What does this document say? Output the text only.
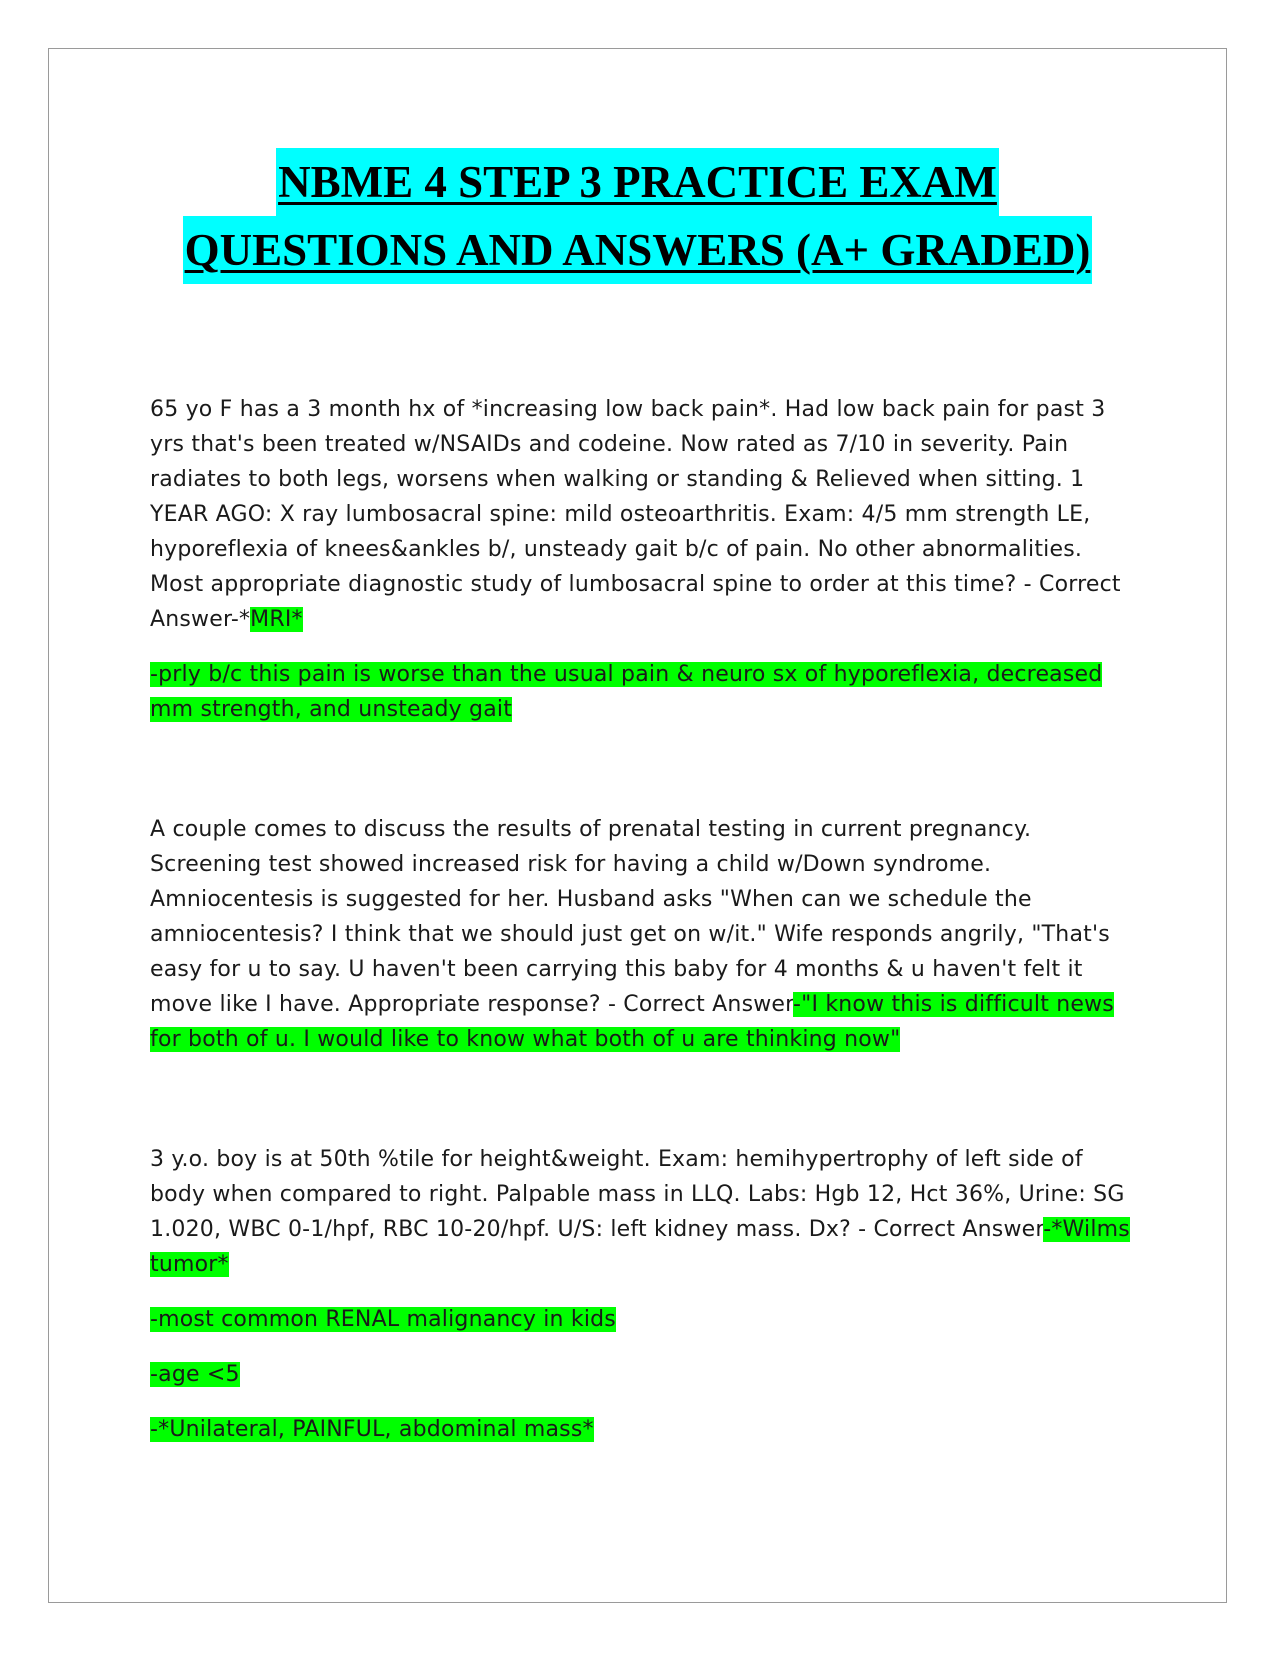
NBME 4 STEP 3 PRACTICE EXAM
QUESTIONS AND ANSWERS (A+ GRADED)

65 yo F has a 3 month hx of *increasing low back pain*. Had low back pain for past 3 yrs that's been treated w/NSAIDs and codeine. Now rated as 7/10 in severity. Pain radiates to both legs, worsens when walking or standing & Relieved when sitting. 1 YEAR AGO: X ray lumbosacral spine: mild osteoarthritis. Exam: 4/5 mm strength LE, hyporeflexia of knees&ankles b/, unsteady gait b/c of pain. No other abnormalities. Most appropriate diagnostic study of lumbosacral spine to order at this time? - Correct Answer-*MRI*

-prly b/c this pain is worse than the usual pain & neuro sx of hyporeflexia, decreased mm strength, and unsteady gait

A couple comes to discuss the results of prenatal testing in current pregnancy. Screening test showed increased risk for having a child w/Down syndrome. Amniocentesis is suggested for her. Husband asks "When can we schedule the amniocentesis? I think that we should just get on w/it." Wife responds angrily, "That's easy for u to say. U haven't been carrying this baby for 4 months & u haven't felt it move like I have. Appropriate response? - Correct Answer-"I know this is difficult news for both of u. I would like to know what both of u are thinking now"

3 y.o. boy is at 50th %tile for height&weight. Exam: hemihypertrophy of left side of body when compared to right. Palpable mass in LLQ. Labs: Hgb 12, Hct 36%, Urine: SG 1.020, WBC 0-1/hpf, RBC 10-20/hpf. U/S: left kidney mass. Dx? - Correct Answer-*Wilms tumor*

-most common RENAL malignancy in kids

-age <5

-*Unilateral, PAINFUL, abdominal mass*
